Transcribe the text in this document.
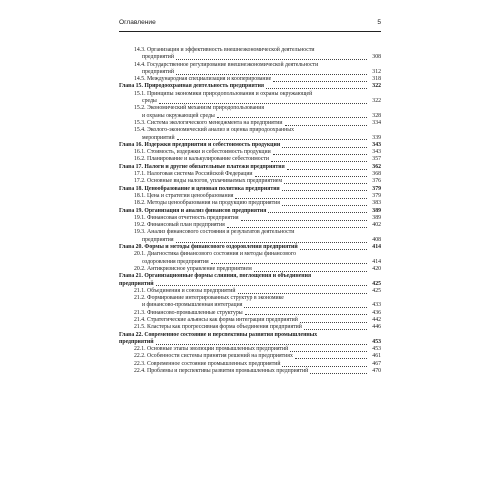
Оглавление	5
14.3. Организация и эффективность внешнеэкономической деятельности
предприятий	308
14.4. Государственное регулирование внешнеэкономической деятельности
предприятий	312
14.5. Международная специализация и кооперирование	318
Глава 15. Природоохранная деятельность предприятия	322
15.1. Принципы экономики природопользования и охраны окружающей
среды	322
15.2. Экономический механизм природопользования
и охраны окружающей среды	328
15.3. Система экологического менеджмента на предприятии	334
15.4. Эколого-экономический анализ и оценка природоохранных
мероприятий	339
Глава 16. Издержки предприятия и себестоимость продукции	343
16.1. Стоимость, издержки и себестоимость продукции	343
16.2. Планирование и калькулирование себестоимости	357
Глава 17. Налоги и другие обязательные платежи предприятия	362
17.1. Налоговая система Российской Федерации	368
17.2. Основные виды налогов, уплачиваемых предприятием	376
Глава 18. Ценообразование и ценовая политика предприятия	379
18.1. Цена и стратегии ценообразования	379
18.2. Методы ценообразования на продукцию предприятия	383
Глава 19. Организация и анализ финансов предприятия	389
19.1. Финансовая отчетность предприятия	389
19.2. Финансовый план предприятия	402
19.3. Анализ финансового состояния и результатов деятельности
предприятия	408
Глава 20. Формы и методы финансового оздоровления предприятий	414
20.1. Диагностика финансового состояния и методы финансового
оздоровления предприятия	414
20.2. Антикризисное управление предприятием	420
Глава 21. Организационные формы слияния, поглощения и объединения
предприятий	425
21.1. Объединения и союзы предприятий	425
21.2. Формирование интегрированных структур в экономике
и финансово-промышленная интеграция	433
21.3. Финансово-промышленные структуры	436
21.4. Стратегические альянсы как форма интеграции предприятий	442
21.5. Кластеры как прогрессивная форма объединения предприятий	446
Глава 22. Современное состояние и перспективы развития промышленных
предприятий	453
22.1. Основные этапы эволюции промышленных предприятий	453
22.2. Особенности системы принятия решений на предприятиях	461
22.3. Современное состояние промышленных предприятий	467
22.4. Проблемы и перспективы развития промышленных предприятий	470
